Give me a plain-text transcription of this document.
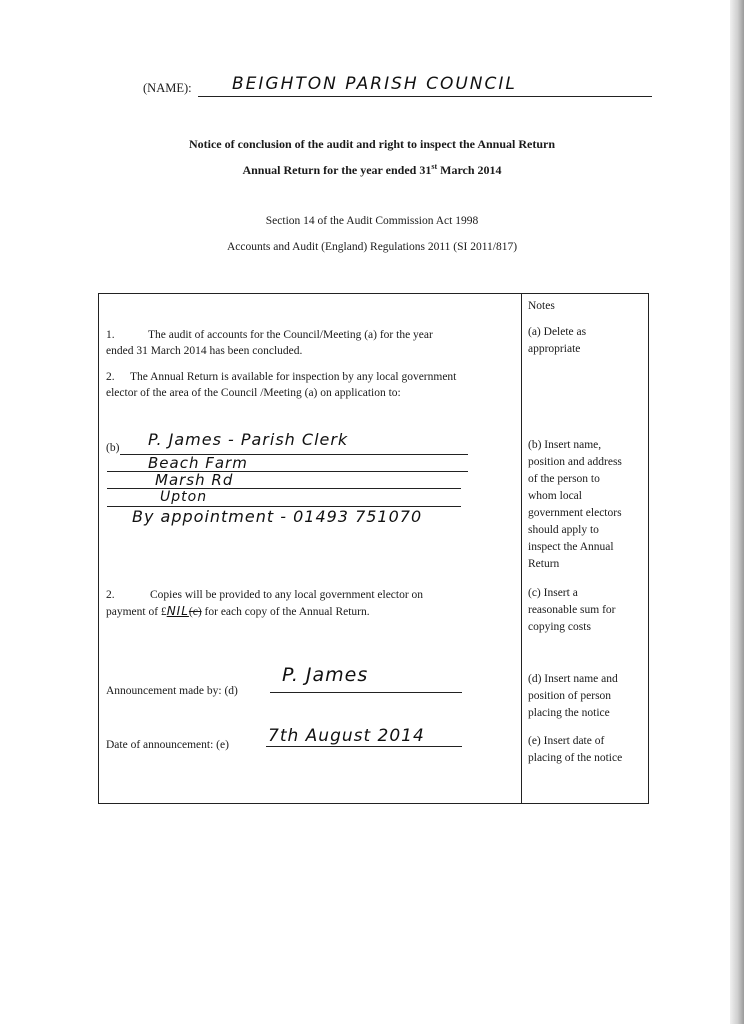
(NAME): BEIGHTON PARISH COUNCIL
Notice of conclusion of the audit and right to inspect the Annual Return
Annual Return for the year ended 31st March 2014
Section 14 of the Audit Commission Act 1998
Accounts and Audit (England) Regulations 2011 (SI 2011/817)
Notes
1.	The audit of accounts for the Council/Meeting (a) for the year
ended 31 March 2014 has been concluded.
2. The Annual Return is available for inspection by any local government
elector of the area of the Council /Meeting (a) on application to:
(b) P. James - Parish Clerk
Beach Farm
Marsh Rd
Upton
By appointment - 01493 751070
2.	Copies will be provided to any local government elector on
payment of £NIL(c) for each copy of the Annual Return.
Announcement made by: (d)
P. James
Date of announcement: (e) 7th August 2014
(a) Delete as
appropriate
(b) Insert name,
position and address
of the person to
whom local
government electors
should apply to
inspect the Annual
Return
(c) Insert a
reasonable sum for
copying costs
(d) Insert name and
position of person
placing the notice
(e) Insert date of
placing of the notice
